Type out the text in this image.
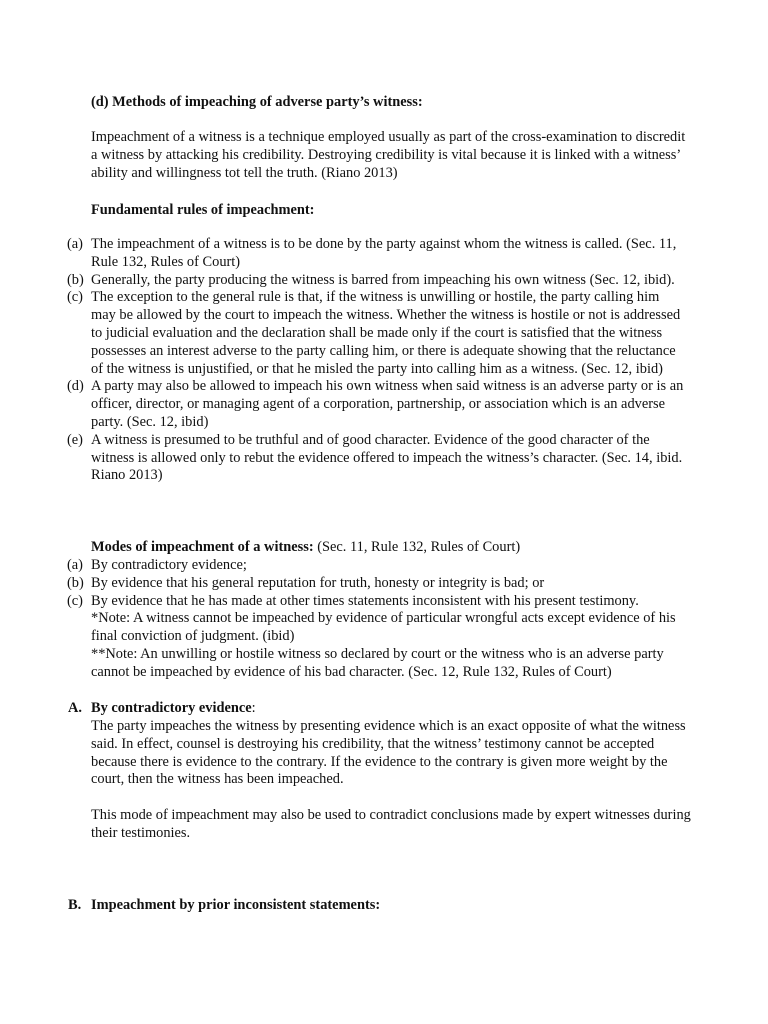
(d) Methods of impeaching of adverse party’s witness:

Impeachment of a witness is a technique employed usually as part of the cross-examination to discredit a witness by attacking his credibility. Destroying credibility is vital because it is linked with a witness’ ability and willingness tot tell the truth. (Riano 2013)

Fundamental rules of impeachment:

(a) The impeachment of a witness is to be done by the party against whom the witness is called. (Sec. 11, Rule 132, Rules of Court)
(b) Generally, the party producing the witness is barred from impeaching his own witness (Sec. 12, ibid).
(c) The exception to the general rule is that, if the witness is unwilling or hostile, the party calling him may be allowed by the court to impeach the witness. Whether the witness is hostile or not is addressed to judicial evaluation and the declaration shall be made only if the court is satisfied that the witness possesses an interest adverse to the party calling him, or there is adequate showing that the reluctance of the witness is unjustified, or that he misled the party into calling him as a witness. (Sec. 12, ibid)
(d) A party may also be allowed to impeach his own witness when said witness is an adverse party or is an officer, director, or managing agent of a corporation, partnership, or association which is an adverse party. (Sec. 12, ibid)
(e) A witness is presumed to be truthful and of good character. Evidence of the good character of the witness is allowed only to rebut the evidence offered to impeach the witness’s character. (Sec. 14, ibid. Riano 2013)

Modes of impeachment of a witness: (Sec. 11, Rule 132, Rules of Court)

(a) By contradictory evidence;
(b) By evidence that his general reputation for truth, honesty or integrity is bad; or
(c) By evidence that he has made at other times statements inconsistent with his present testimony.
*Note: A witness cannot be impeached by evidence of particular wrongful acts except evidence of his final conviction of judgment. (ibid)
**Note: An unwilling or hostile witness so declared by court or the witness who is an adverse party cannot be impeached by evidence of his bad character. (Sec. 12, Rule 132, Rules of Court)
A. By contradictory evidence:

The party impeaches the witness by presenting evidence which is an exact opposite of what the witness said. In effect, counsel is destroying his credibility, that the witness’ testimony cannot be accepted because there is evidence to the contrary. If the evidence to the contrary is given more weight by the court, then the witness has been impeached.

This mode of impeachment may also be used to contradict conclusions made by expert witnesses during their testimonies.

B. Impeachment by prior inconsistent statements:
